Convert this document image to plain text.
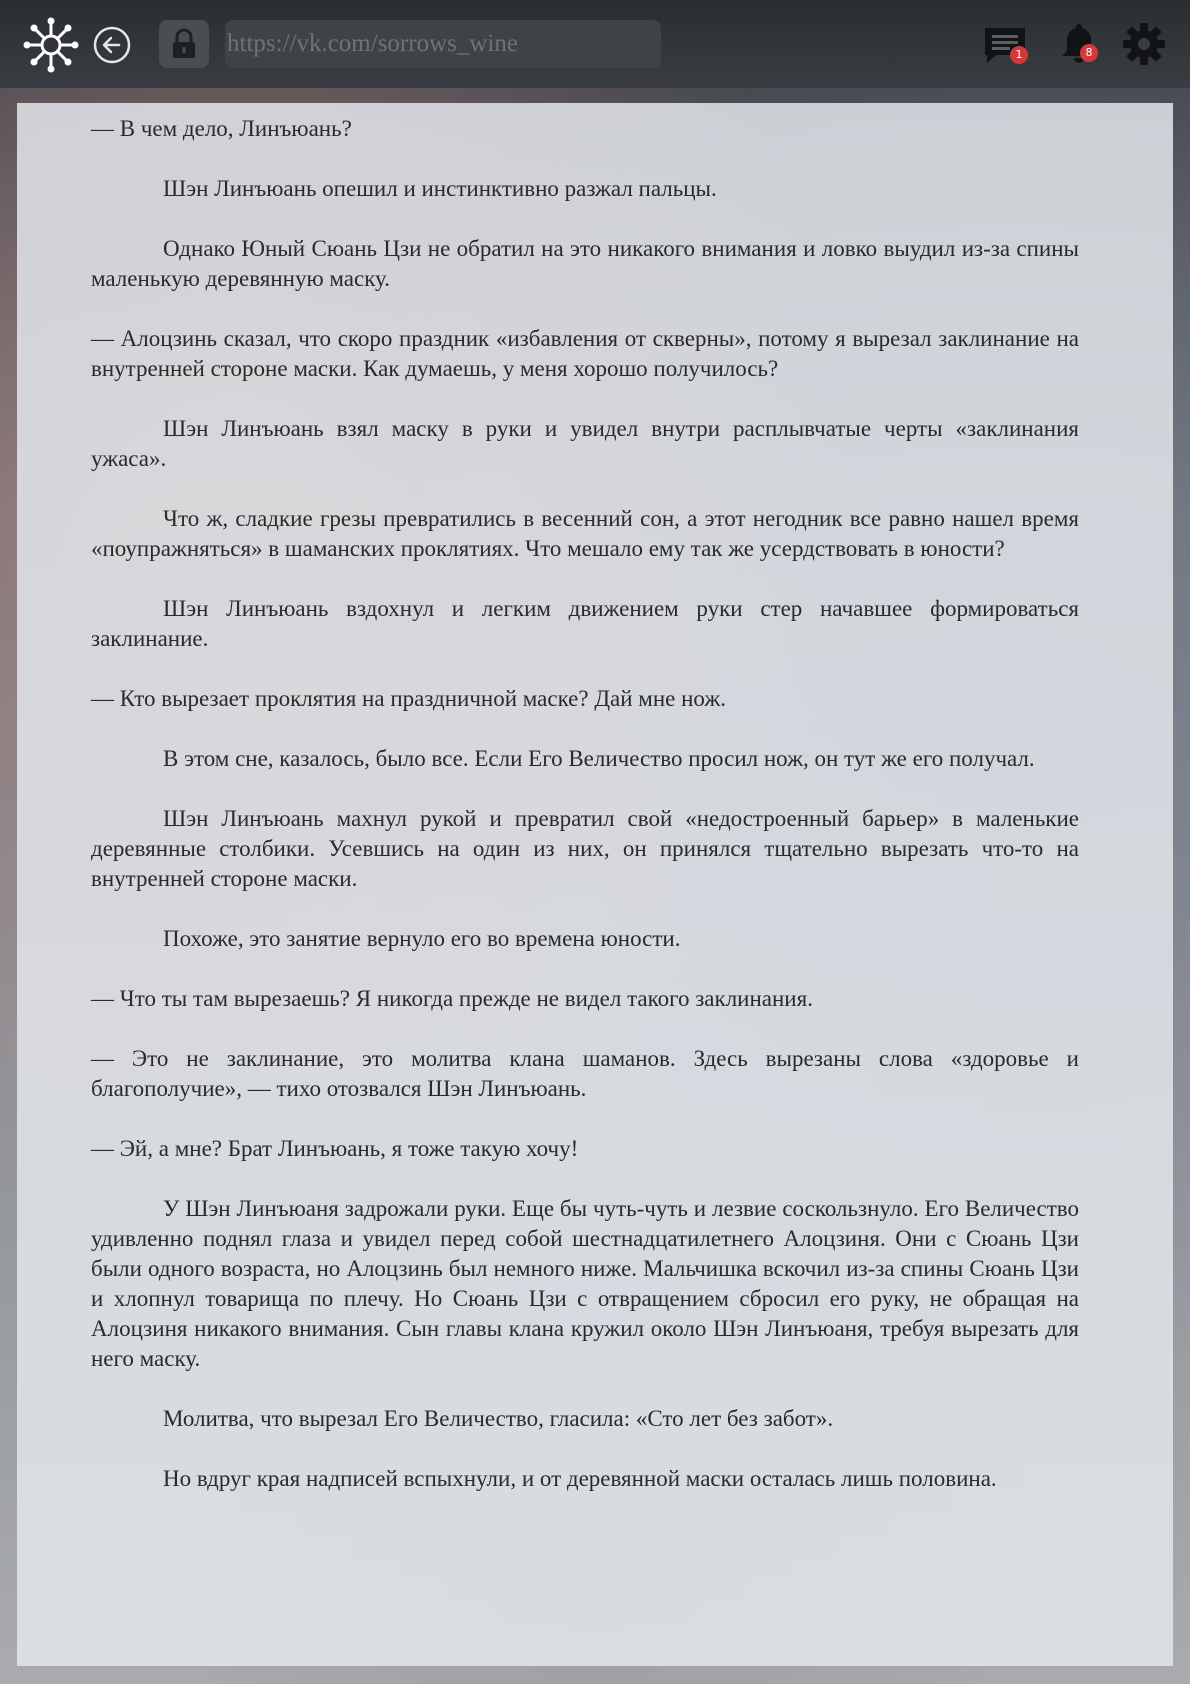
https://vk.com/sorrows_wine	1	8

— В чем дело, Линъюань?

Шэн Линъюань опешил и инстинктивно разжал пальцы.

Однако Юный Сюань Цзи не обратил на это никакого внимания и ловко выудил из-за спины маленькую деревянную маску.

— Алоцзинь сказал, что скоро праздник «избавления от скверны», потому я вырезал заклинание на внутренней стороне маски. Как думаешь, у меня хорошо получилось?

Шэн Линъюань взял маску в руки и увидел внутри расплывчатые черты «заклинания ужаса».

Что ж, сладкие грезы превратились в весенний сон, а этот негодник все равно нашел время «поупражняться» в шаманских проклятиях. Что мешало ему так же усердствовать в юности?

Шэн Линъюань вздохнул и легким движением руки стер начавшее формироваться заклинание.

— Кто вырезает проклятия на праздничной маске? Дай мне нож.

В этом сне, казалось, было все. Если Его Величество просил нож, он тут же его получал.

Шэн Линъюань махнул рукой и превратил свой «недостроенный барьер» в маленькие деревянные столбики. Усевшись на один из них, он принялся тщательно вырезать что-то на внутренней стороне маски.

Похоже, это занятие вернуло его во времена юности.

— Что ты там вырезаешь? Я никогда прежде не видел такого заклинания.

— Это не заклинание, это молитва клана шаманов. Здесь вырезаны слова «здоровье и благополучие», — тихо отозвался Шэн Линъюань.

— Эй, а мне? Брат Линъюань, я тоже такую хочу!

У Шэн Линъюаня задрожали руки. Еще бы чуть-чуть и лезвие соскользнуло. Его Величество удивленно поднял глаза и увидел перед собой шестнадцатилетнего Алоцзиня. Они с Сюань Цзи были одного возраста, но Алоцзинь был немного ниже. Мальчишка вскочил из-за спины Сюань Цзи и хлопнул товарища по плечу. Но Сюань Цзи с отвращением сбросил его руку, не обращая на Алоцзиня никакого внимания. Сын главы клана кружил около Шэн Линъюаня, требуя вырезать для него маску.

Молитва, что вырезал Его Величество, гласила: «Сто лет без забот».

Но вдруг края надписей вспыхнули, и от деревянной маски осталась лишь половина.
